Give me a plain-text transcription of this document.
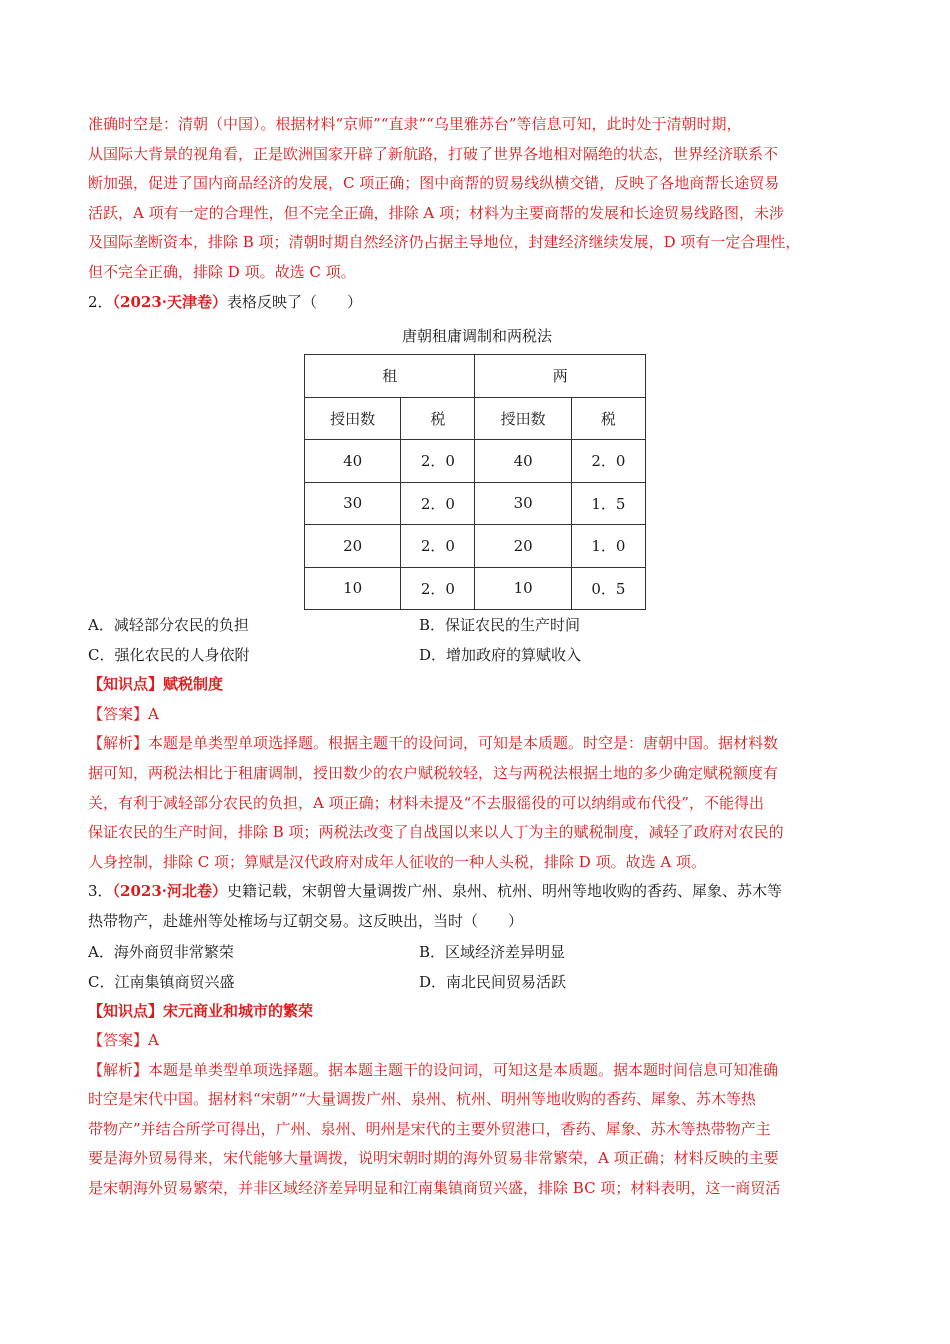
准确时空是：清朝（中国）。根据材料“京师”“直隶”“乌里雅苏台”等信息可知，此时处于清朝时期，

从国际大背景的视角看，正是欧洲国家开辟了新航路，打破了世界各地相对隔绝的状态，世界经济联系不

断加强，促进了国内商品经济的发展，C 项正确；图中商帮的贸易线纵横交错，反映了各地商帮长途贸易

活跃，A 项有一定的合理性，但不完全正确，排除 A 项；材料为主要商帮的发展和长途贸易线路图，未涉

及国际垄断资本，排除 B 项；清朝时期自然经济仍占据主导地位，封建经济继续发展，D 项有一定合理性，

但不完全正确，排除 D 项。故选 C 项。

2．（2023·天津卷）表格反映了（　　）

唐朝租庸调制和两税法
租		两	
授田数	税	授田数	税
40	2．0	40	2．0
30	2．0	30	1．5
20	2．0	20	1．0
10	2．0	10	0．5
A．减轻部分农民的负担	B．保证农民的生产时间
C．强化农民的人身依附	D．增加政府的算赋收入

【知识点】赋税制度

【答案】A

【解析】本题是单类型单项选择题。根据主题干的设问词，可知是本质题。时空是：唐朝中国。据材料数

据可知，两税法相比于租庸调制，授田数少的农户赋税较轻，这与两税法根据土地的多少确定赋税额度有

关，有利于减轻部分农民的负担，A 项正确；材料未提及“不去服徭役的可以纳绢或布代役”，不能得出

保证农民的生产时间，排除 B 项；两税法改变了自战国以来以人丁为主的赋税制度，减轻了政府对农民的

人身控制，排除 C 项；算赋是汉代政府对成年人征收的一种人头税，排除 D 项。故选 A 项。

3．（2023·河北卷）史籍记载，宋朝曾大量调拨广州、泉州、杭州、明州等地收购的香药、犀象、苏木等

热带物产，赴雄州等处榷场与辽朝交易。这反映出，当时（　　）

A．海外商贸非常繁荣	B．区域经济差异明显
C．江南集镇商贸兴盛	D．南北民间贸易活跃

【知识点】宋元商业和城市的繁荣

【答案】A

【解析】本题是单类型单项选择题。据本题主题干的设问词，可知这是本质题。据本题时间信息可知准确

时空是宋代中国。据材料“宋朝”“大量调拨广州、泉州、杭州、明州等地收购的香药、犀象、苏木等热

带物产”并结合所学可得出，广州、泉州、明州是宋代的主要外贸港口，香药、犀象、苏木等热带物产主

要是海外贸易得来，宋代能够大量调拨，说明宋朝时期的海外贸易非常繁荣，A 项正确；材料反映的主要

是宋朝海外贸易繁荣，并非区域经济差异明显和江南集镇商贸兴盛，排除 BC 项；材料表明，这一商贸活
